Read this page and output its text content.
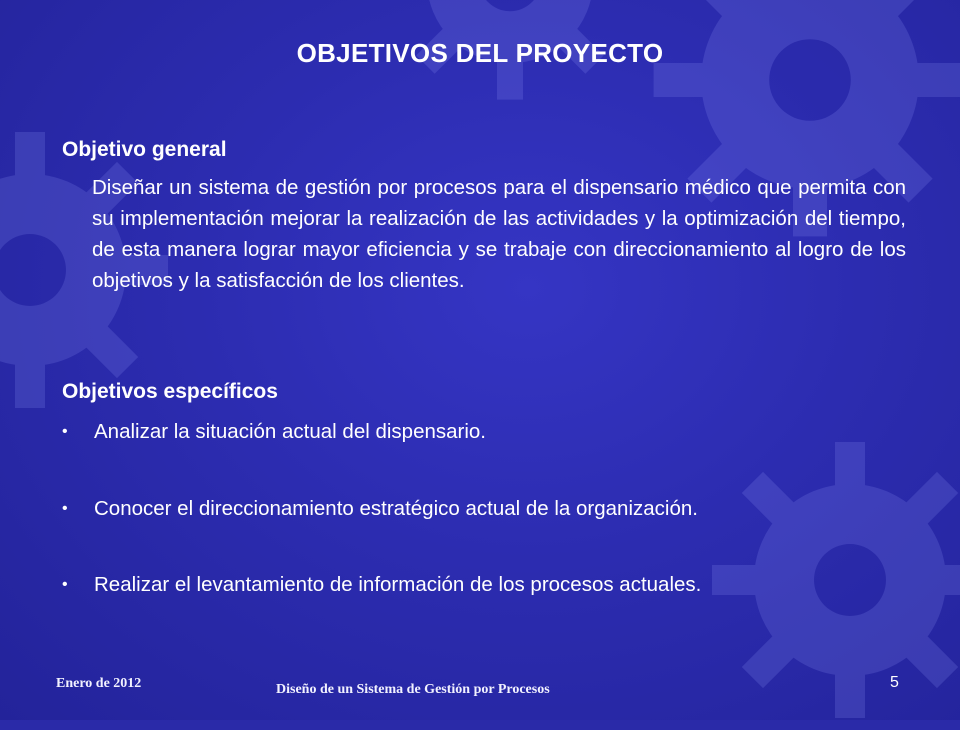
OBJETIVOS DEL PROYECTO
Objetivo general
Diseñar un sistema de gestión por procesos para el dispensario médico que permita con su implementación mejorar la realización de las actividades y la optimización del tiempo, de esta manera lograr mayor eficiencia y se trabaje con direccionamiento al logro de los objetivos y la satisfacción de los clientes.
Objetivos específicos
• Analizar la situación actual del dispensario.
• Conocer el direccionamiento estratégico actual de la organización.
• Realizar el levantamiento de información de los procesos actuales.
Enero de 2012	Diseño de un Sistema de Gestión por Procesos	5
